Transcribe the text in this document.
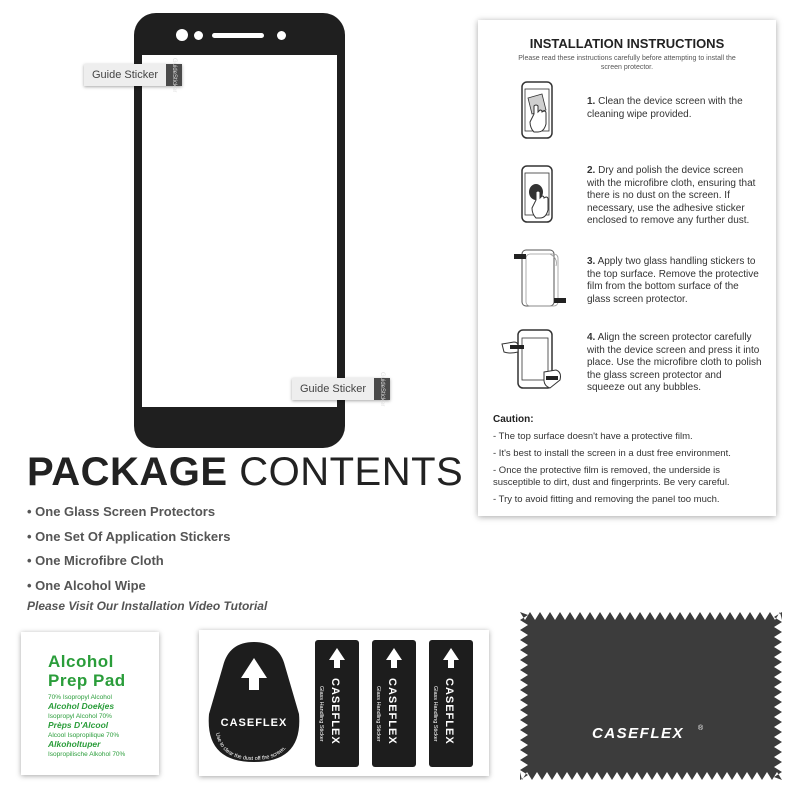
Guide Sticker	GuideSticker
Guide Sticker	GuideSticker
PACKAGE CONTENTS
• One Glass Screen Protectors
• One Set Of Application Stickers
• One Microfibre Cloth
• One Alcohol Wipe
Please Visit Our Installation Video Tutorial
INSTALLATION INSTRUCTIONS
Please read these instructions carefully before attempting to install the screen protector.
1. Clean the device screen with the cleaning wipe provided.
2. Dry and polish the device screen with the microfibre cloth, ensuring that there is no dust on the screen. If necessary, use the adhesive sticker enclosed to remove any further dust.
3. Apply two glass handling stickers to the top surface. Remove the protective film from the bottom surface of the glass screen protector.
4. Align the screen protector carefully with the device screen and press it into place. Use the microfibre cloth to polish the glass screen protector and squeeze out any bubbles.
Caution:
- The top surface doesn't have a protective film.
- It's best to install the screen in a dust free environment.
- Once the protective film is removed, the underside is susceptible to dirt, dust and fingerprints. Be very careful.
- Try to avoid fitting and removing the panel too much.
Alcohol
Prep Pad
70% Isopropyl Alcohol
Alcohol Doekjes
Isopropyl Alcohol 70%
Prèps D'Alcool
Alcool Isopropilique 70%
Alkoholtuper
Isopropilische Alkohol 70%
CASEFLEX
Use to clear the dust off the screen.
CASEFLEX
Glass Handling Sticker	CASEFLEX
Glass Handling Sticker	CASEFLEX
Glass Handling Sticker	CASEFLEX ®
